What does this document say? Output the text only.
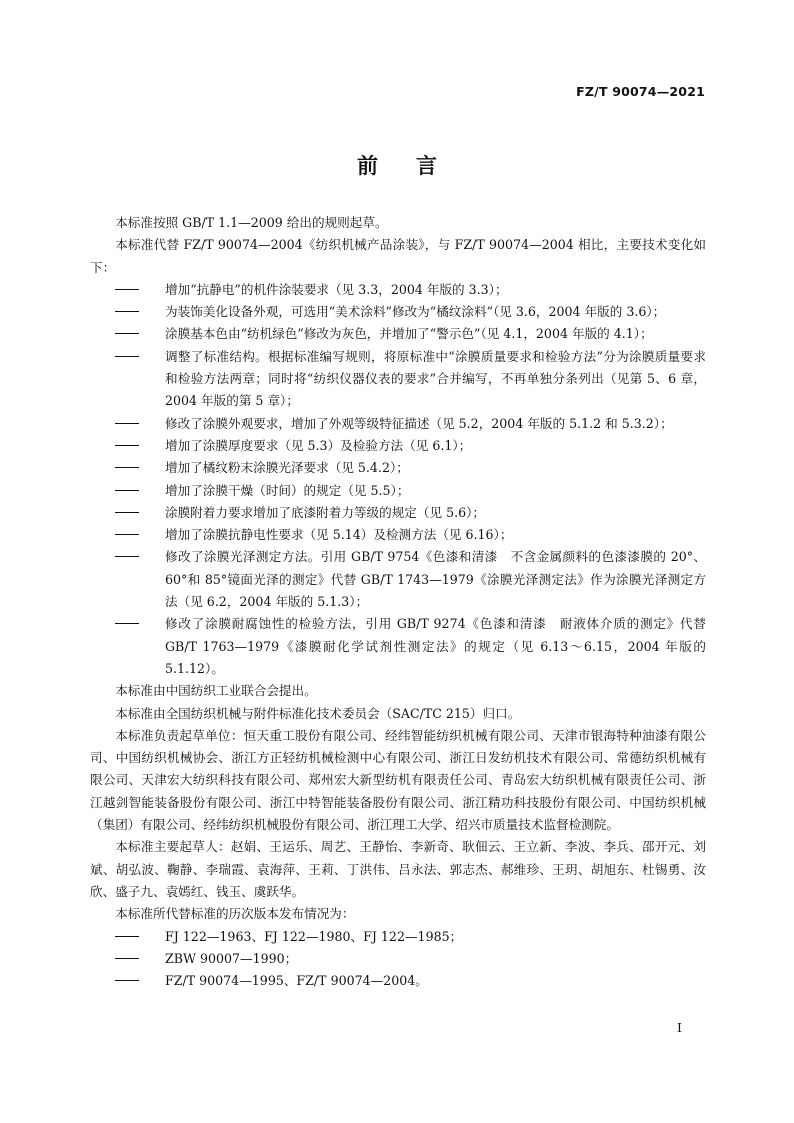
FZ/T 90074—2021
前言

本标准按照 GB/T 1.1—2009 给出的规则起草。

本标准代替 FZ/T 90074—2004《纺织机械产品涂装》，与 FZ/T 90074—2004 相比，主要技术变化如下：

增加“抗静电”的机件涂装要求（见 3.3，2004 年版的 3.3）；
为装饰美化设备外观，可选用“美术涂料”修改为“橘纹涂料”（见 3.6，2004 年版的 3.6）；
涂膜基本色由“纺机绿色”修改为灰色，并增加了“警示色”（见 4.1，2004 年版的 4.1）；
调整了标准结构。根据标准编写规则，将原标准中“涂膜质量要求和检验方法”分为涂膜质量要求和检验方法两章；同时将“纺织仪器仪表的要求”合并编写，不再单独分条列出（见第 5、6 章，2004 年版的第 5 章）；
修改了涂膜外观要求，增加了外观等级特征描述（见 5.2，2004 年版的 5.1.2 和 5.3.2）；
增加了涂膜厚度要求（见 5.3）及检验方法（见 6.1）；
增加了橘纹粉末涂膜光泽要求（见 5.4.2）；
增加了涂膜干燥（时间）的规定（见 5.5）；
涂膜附着力要求增加了底漆附着力等级的规定（见 5.6）；
增加了涂膜抗静电性要求（见 5.14）及检测方法（见 6.16）；
修改了涂膜光泽测定方法。引用 GB/T 9754《色漆和清漆　不含金属颜料的色漆漆膜的 20°、60°和 85°镜面光泽的测定》代替 GB/T 1743—1979《涂膜光泽测定法》作为涂膜光泽测定方法（见 6.2，2004 年版的 5.1.3）；
修改了涂膜耐腐蚀性的检验方法，引用 GB/T 9274《色漆和清漆　耐液体介质的测定》代替 GB/T 1763—1979《漆膜耐化学试剂性测定法》的规定（见 6.13～6.15，2004 年版的 5.1.12）。

本标准由中国纺织工业联合会提出。

本标准由全国纺织机械与附件标准化技术委员会（SAC/TC 215）归口。

本标准负责起草单位：恒天重工股份有限公司、经纬智能纺织机械有限公司、天津市银海特种油漆有限公司、中国纺织机械协会、浙江方正轻纺机械检测中心有限公司、浙江日发纺机技术有限公司、常德纺织机械有限公司、天津宏大纺织科技有限公司、郑州宏大新型纺机有限责任公司、青岛宏大纺织机械有限责任公司、浙江越剑智能装备股份有限公司、浙江中特智能装备股份有限公司、浙江精功科技股份有限公司、中国纺织机械（集团）有限公司、经纬纺织机械股份有限公司、浙江理工大学、绍兴市质量技术监督检测院。

本标准主要起草人：赵娟、王运乐、周艺、王静怡、李新奇、耿佃云、王立新、李波、李兵、邵开元、刘斌、胡弘波、鞠静、李瑞霞、袁海萍、王莉、丁洪伟、吕永法、郭志杰、郝维珍、王玥、胡旭东、杜锡勇、汝欣、盛子九、袁嫣红、钱玉、虞跃华。

本标准所代替标准的历次版本发布情况为：

FJ 122—1963、FJ 122—1980、FJ 122—1985；
ZBW 90007—1990；
FZ/T 90074—1995、FZ/T 90074—2004。
I
